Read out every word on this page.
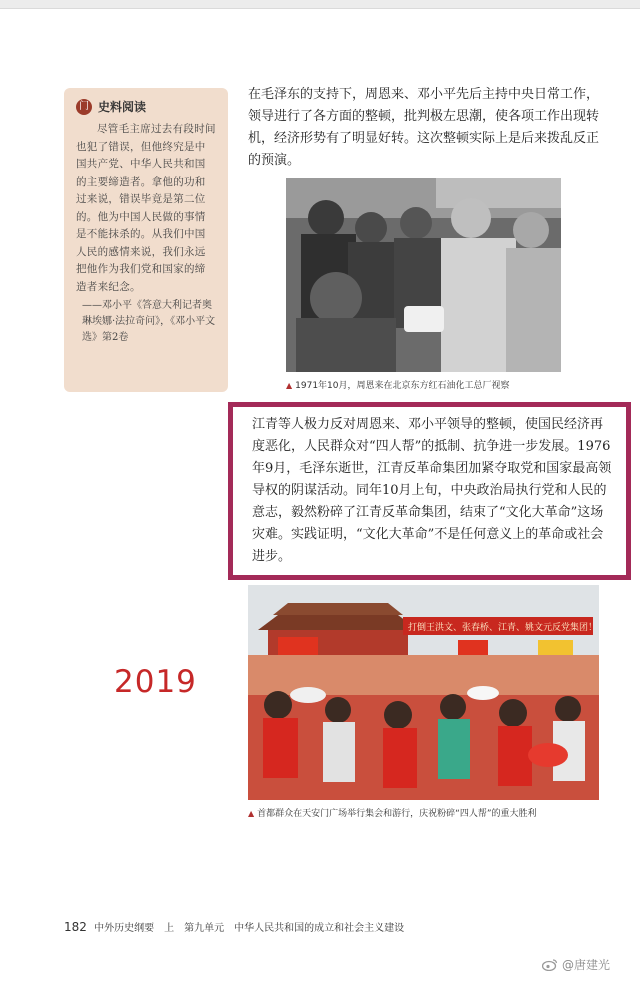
门 史料阅读
尽管毛主席过去有段时间也犯了错误，但他终究是中国共产党、中华人民共和国的主要缔造者。拿他的功和过来说，错误毕竟是第二位的。他为中国人民做的事情是不能抹杀的。从我们中国人民的感情来说，我们永远把他作为我们党和国家的缔造者来纪念。
——邓小平《答意大利记者奥琳埃娜·法拉奇问》，《邓小平文选》第2卷

在毛泽东的支持下，周恩来、邓小平先后主持中央日常工作，领导进行了各方面的整顿，批判极左思潮，使各项工作出现转机，经济形势有了明显好转。这次整顿实际上是后来拨乱反正的预演。

▲ 1971年10月，周恩来在北京东方红石油化工总厂视察

江青等人极力反对周恩来、邓小平领导的整顿，使国民经济再度恶化，人民群众对“四人帮”的抵制、抗争进一步发展。1976年9月，毛泽东逝世，江青反革命集团加紧夺取党和国家最高领导权的阴谋活动。同年10月上旬，中央政治局执行党和人民的意志，毅然粉碎了江青反革命集团，结束了“文化大革命”这场灾难。实践证明，“文化大革命”不是任何意义上的革命或社会进步。

2019
打倒王洪文、张春桥、江青、姚文元反党集团！
▲ 首都群众在天安门广场举行集会和游行，庆祝粉碎“四人帮”的重大胜利
182 中外历史纲要　上　第九单元　中华人民共和国的成立和社会主义建设
@唐建光
